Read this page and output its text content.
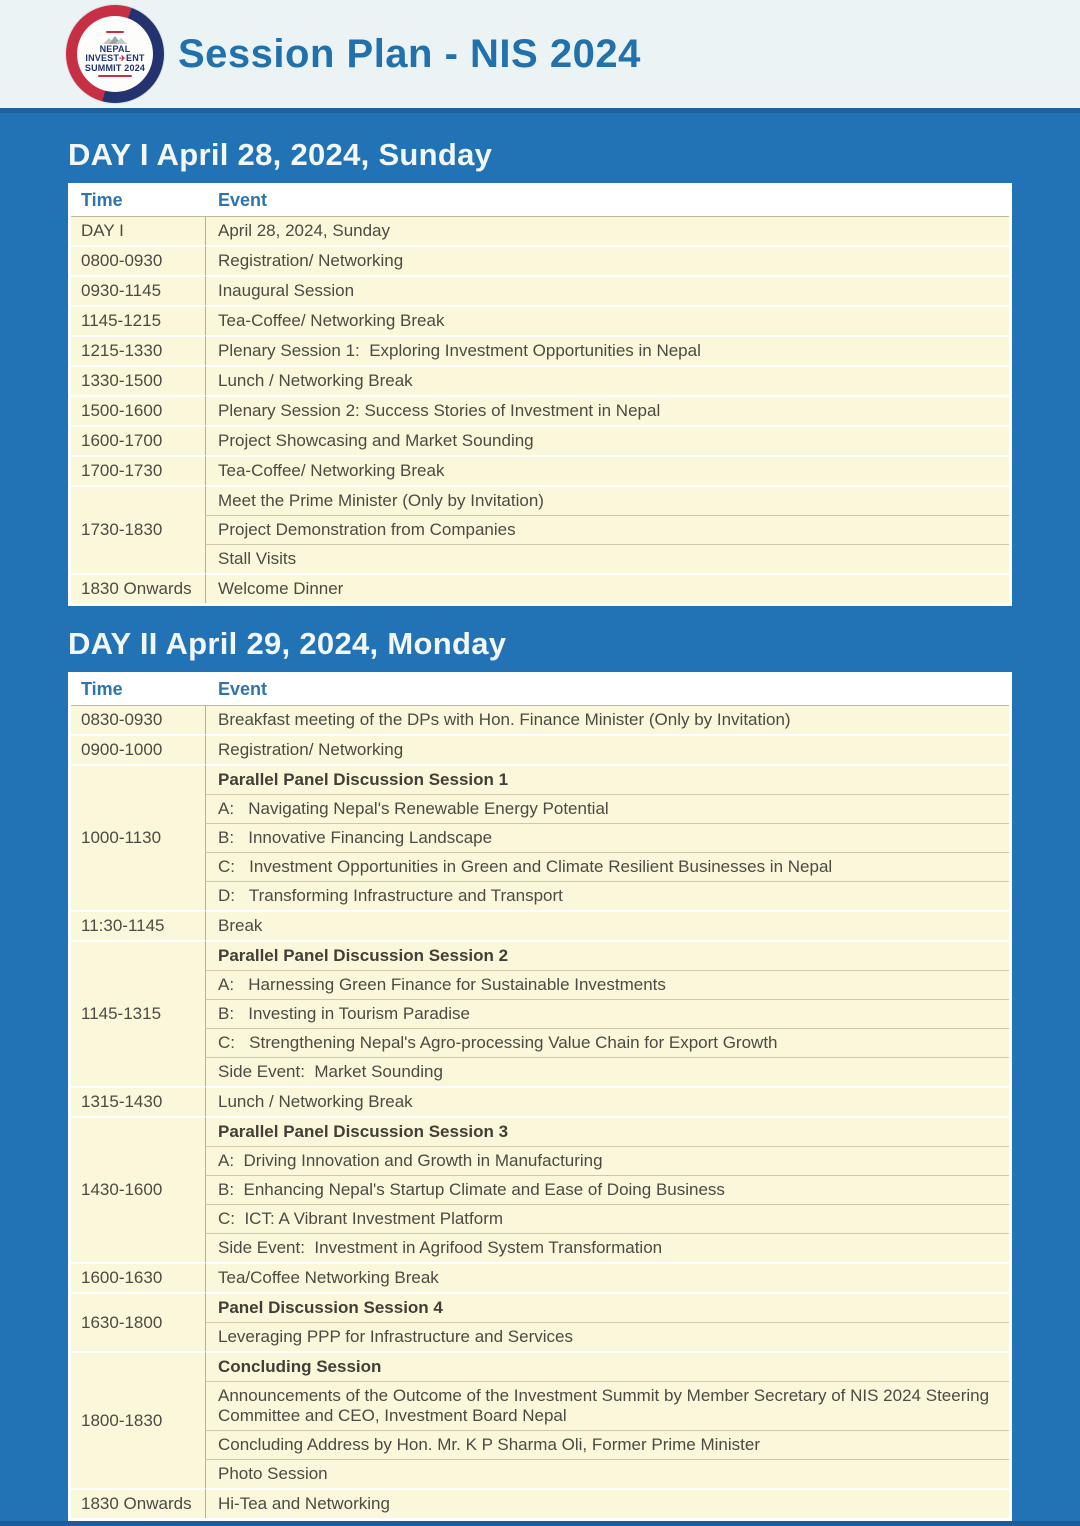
NEPAL
INVEST✈ENT
SUMMIT 2024 Session Plan - NIS 2024
DAY I April 28, 2024, Sunday
Time	Event
DAY I	April 28, 2024, Sunday
0800-0930	Registration/ Networking
0930-1145	Inaugural Session
1145-1215	Tea-Coffee/ Networking Break
1215-1330	Plenary Session 1:  Exploring Investment Opportunities in Nepal
1330-1500	Lunch / Networking Break
1500-1600	Plenary Session 2: Success Stories of Investment in Nepal
1600-1700	Project Showcasing and Market Sounding
1700-1730	Tea-Coffee/ Networking Break
1730-1830	Meet the Prime Minister (Only by Invitation)
	Project Demonstration from Companies
	Stall Visits
1830 Onwards	Welcome Dinner
DAY II April 29, 2024, Monday
Time	Event
0830-0930	Breakfast meeting of the DPs with Hon. Finance Minister (Only by Invitation)
0900-1000	Registration/ Networking
1000-1130	Parallel Panel Discussion Session 1
	A:   Navigating Nepal's Renewable Energy Potential
	B:   Innovative Financing Landscape
	C:   Investment Opportunities in Green and Climate Resilient Businesses in Nepal
	D:   Transforming Infrastructure and Transport
11:30-1145	Break
1145-1315	Parallel Panel Discussion Session 2
	A:   Harnessing Green Finance for Sustainable Investments
	B:   Investing in Tourism Paradise
	C:   Strengthening Nepal's Agro-processing Value Chain for Export Growth
	Side Event:  Market Sounding
1315-1430	Lunch / Networking Break
1430-1600	Parallel Panel Discussion Session 3
	A:  Driving Innovation and Growth in Manufacturing
	B:  Enhancing Nepal's Startup Climate and Ease of Doing Business
	C:  ICT: A Vibrant Investment Platform
	Side Event:  Investment in Agrifood System Transformation
1600-1630	Tea/Coffee Networking Break
1630-1800	Panel Discussion Session 4
	Leveraging PPP for Infrastructure and Services
1800-1830	Concluding Session
	Announcements of the Outcome of the Investment Summit by Member Secretary of NIS 2024 Steering Committee and CEO, Investment Board Nepal
	Concluding Address by Hon. Mr. K P Sharma Oli, Former Prime Minister
	Photo Session
1830 Onwards	Hi-Tea and Networking
